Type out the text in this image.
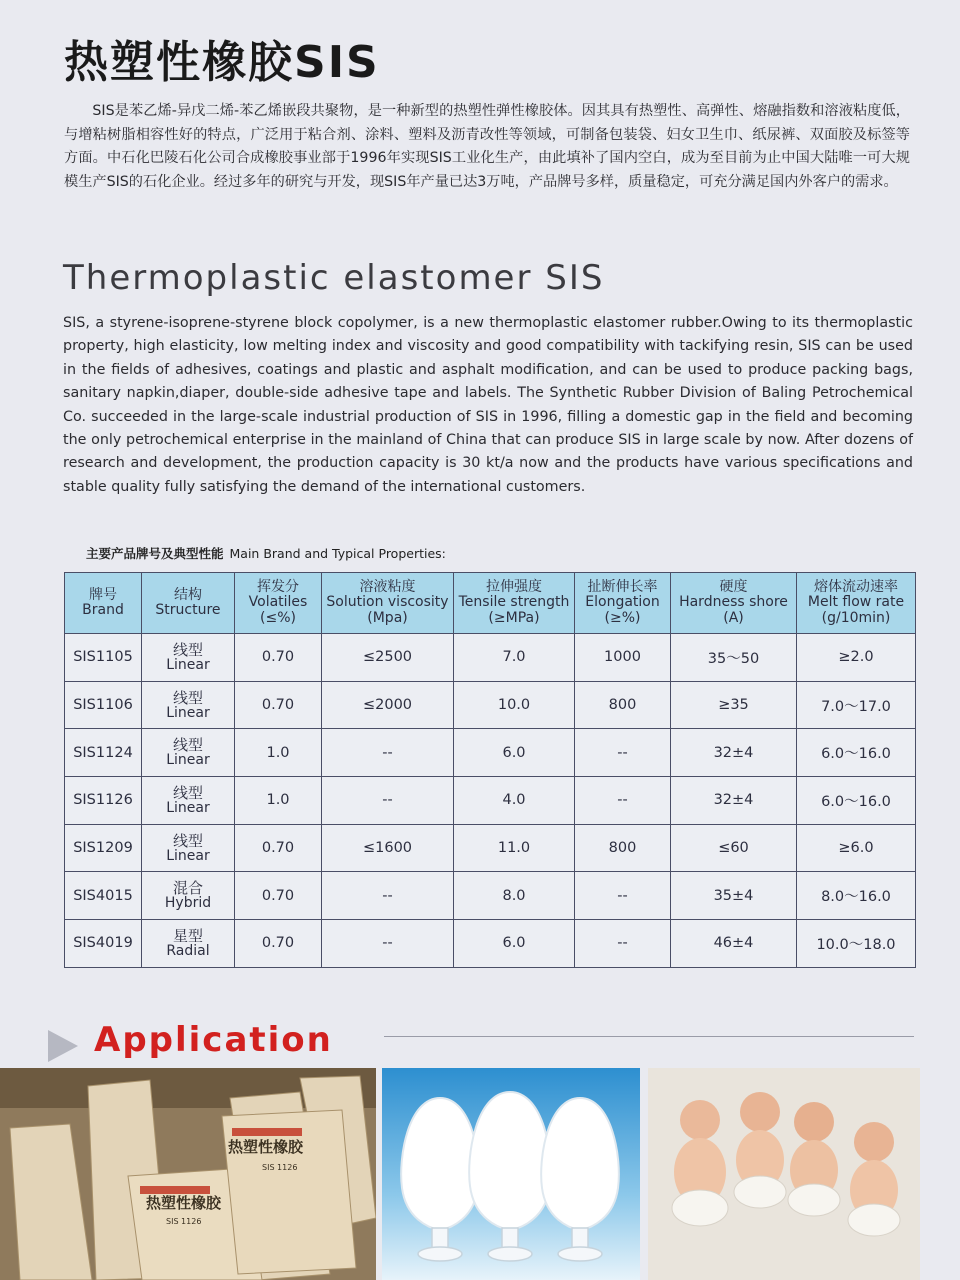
热塑性橡胶SIS
SIS是苯乙烯-异戊二烯-苯乙烯嵌段共聚物，是一种新型的热塑性弹性橡胶体。因其具有热塑性、高弹性、熔融指数和溶液粘度低，与增粘树脂相容性好的特点，广泛用于粘合剂、涂料、塑料及沥青改性等领域，可制备包装袋、妇女卫生巾、纸尿裤、双面胶及标签等方面。中石化巴陵石化公司合成橡胶事业部于1996年实现SIS工业化生产，由此填补了国内空白，成为至目前为止中国大陆唯一可大规模生产SIS的石化企业。经过多年的研究与开发，现SIS年产量已达3万吨，产品牌号多样，质量稳定，可充分满足国内外客户的需求。
Thermoplastic elastomer SIS
SIS, a styrene-isoprene-styrene block copolymer, is a new thermoplastic elastomer rubber.Owing to its thermoplastic property, high elasticity, low melting index and viscosity and good compatibility with tackifying resin, SIS can be used in the fields of adhesives, coatings and plastic and asphalt modification, and can be used to produce packing bags, sanitary napkin,diaper, double-side adhesive tape and labels. The Synthetic Rubber Division of Baling Petrochemical Co. succeeded in the large-scale industrial production of SIS in 1996, filling a domestic gap in the field and becoming the only petrochemical enterprise in the mainland of China that can produce SIS in large scale by now. After dozens of research and development, the production capacity is 30 kt/a now and the products have various specifications and stable quality fully satisfying the demand of the international customers.
主要产品牌号及典型性能 Main Brand and Typical Properties:
牌号
Brand	结构
Structure	挥发分
Volatiles
(≤%)	溶液粘度
Solution viscosity
(Mpa)	拉伸强度
Tensile strength
(≥MPa)	扯断伸长率
Elongation
(≥%)	硬度
Hardness shore
(A)	熔体流动速率
Melt flow rate
(g/10min)

SIS1105	线型
Linear	0.70	≤2500	7.0	1000	35～50	≥2.0
SIS1106	线型
Linear	0.70	≤2000	10.0	800	≥35	7.0～17.0
SIS1124	线型
Linear	1.0	--	6.0	--	32±4	6.0～16.0
SIS1126	线型
Linear	1.0	--	4.0	--	32±4	6.0～16.0
SIS1209	线型
Linear	0.70	≤1600	11.0	800	≤60	≥6.0
SIS4015	混合
Hybrid	0.70	--	8.0	--	35±4	8.0～16.0
SIS4019	星型
Radial	0.70	--	6.0	--	46±4	10.0～18.0
Application
热塑性橡胶
SIS 1126
热塑性橡胶
SIS 1126
